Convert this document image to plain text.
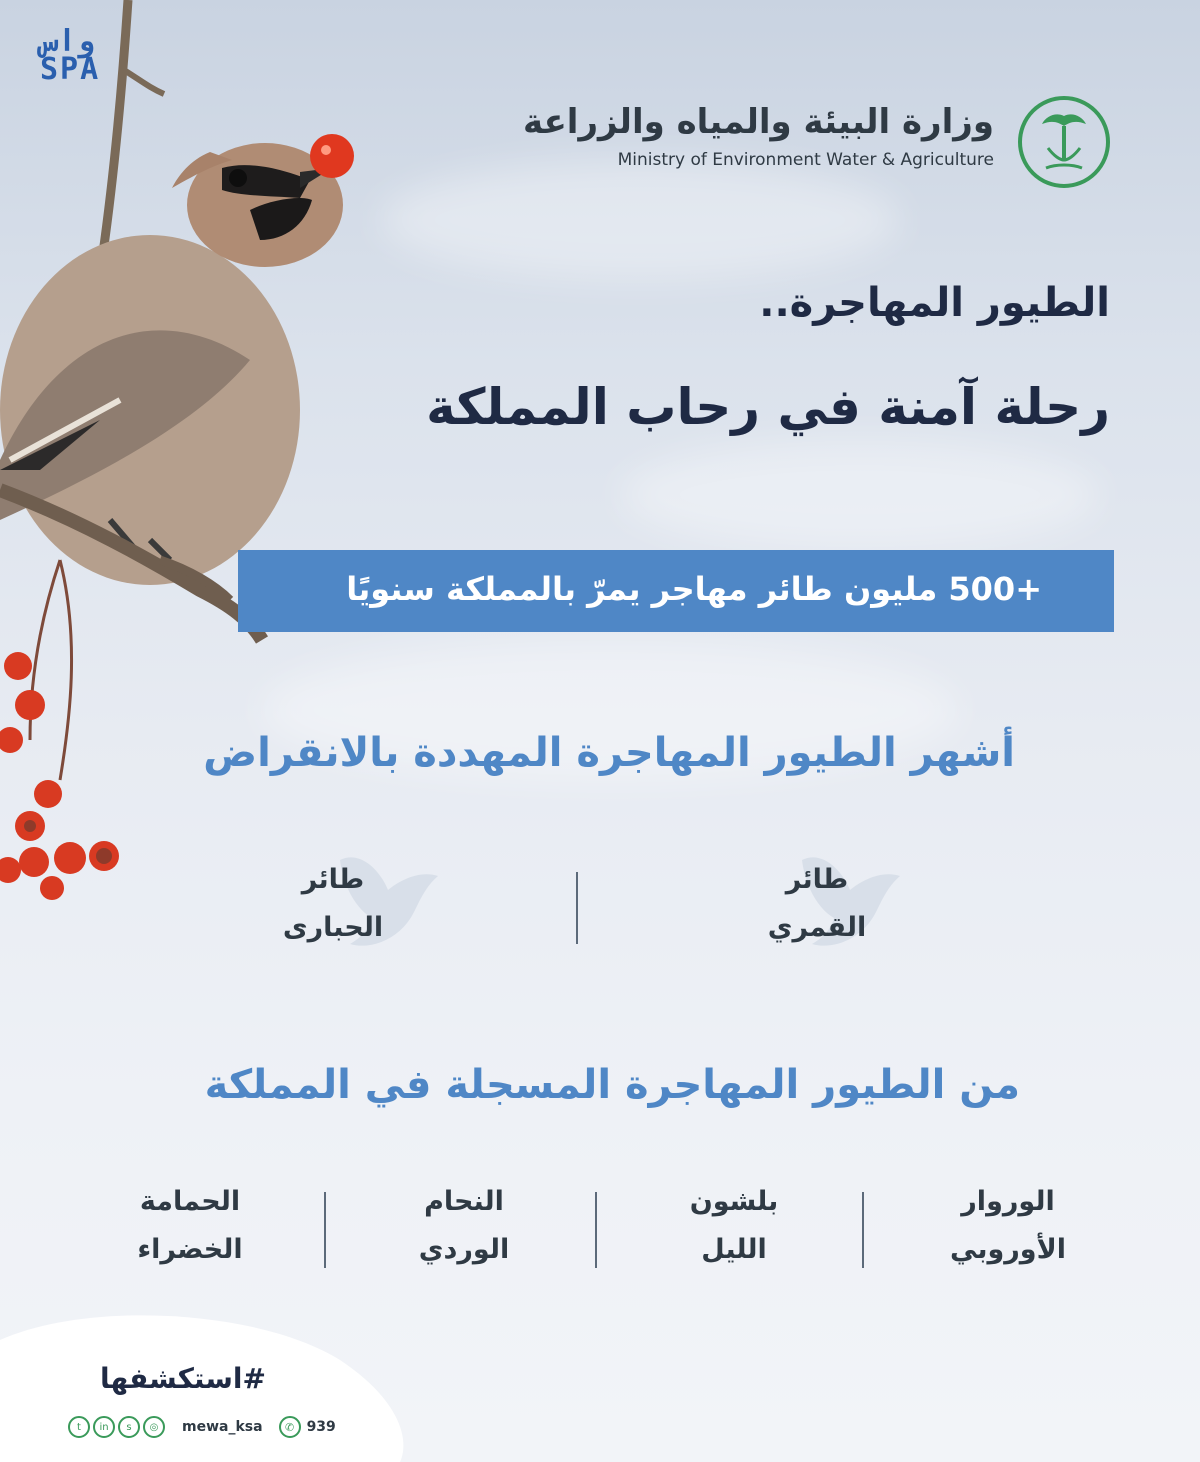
واس
SPA
وزارة البيئة والمياه والزراعة
Ministry of Environment Water & Agriculture
الطيور المهاجرة..
رحلة آمنة في رحاب المملكة
+500 مليون طائر مهاجر يمرّ بالمملكة سنويًا
أشهر الطيور المهاجرة المهددة بالانقراض
طائر
القمري
طائر
الحبارى
من الطيور المهاجرة المسجلة في المملكة
الوروار
الأوروبي
بلشون
الليل
النحام
الوردي
الحمامة
الخضراء
#استكشفها
t	in	s	◎	mewa_ksa	✆ 939
